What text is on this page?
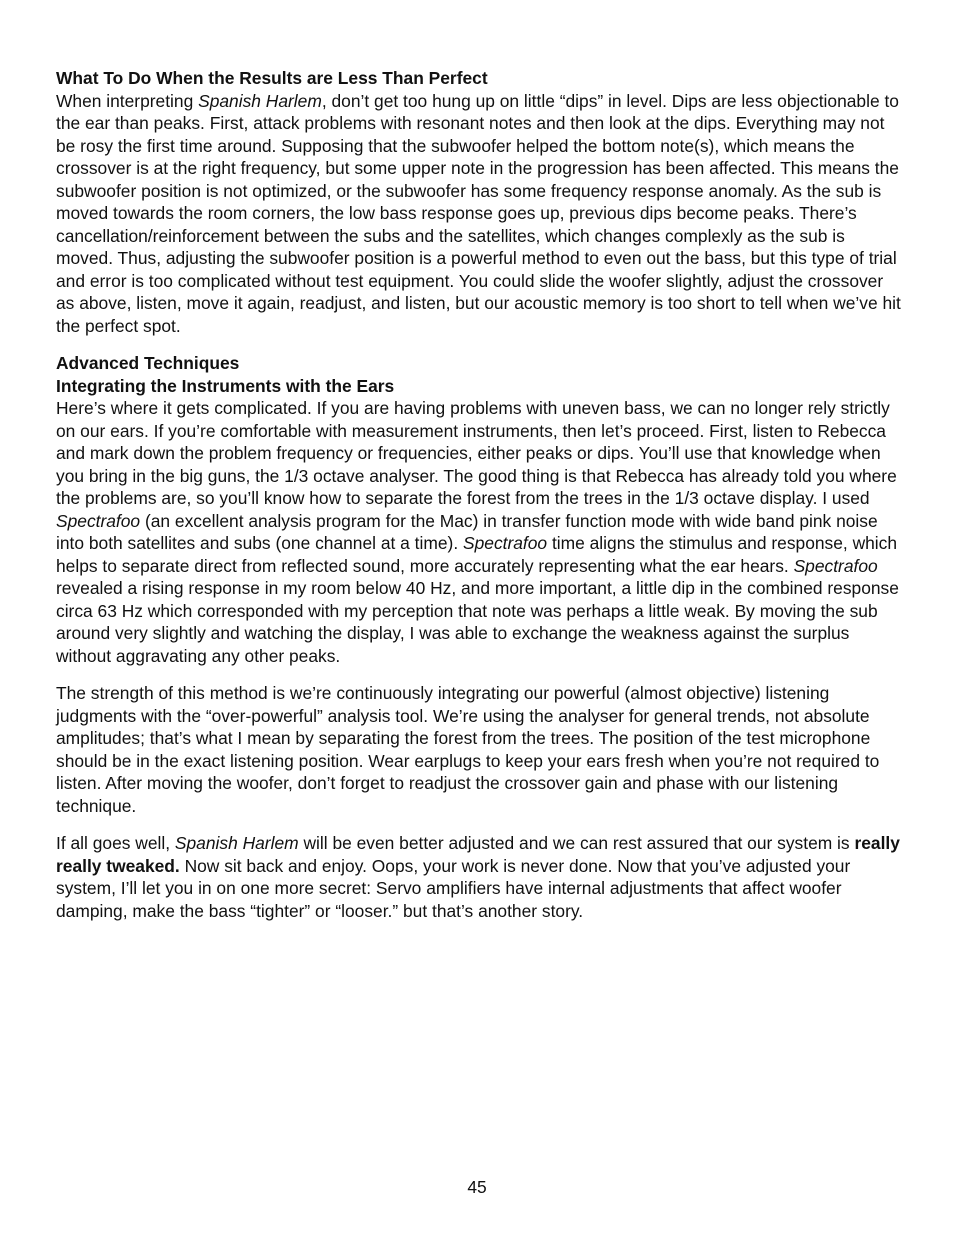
What To Do When the Results are Less Than Perfect

When interpreting Spanish Harlem, don’t get too hung up on little “dips” in level. Dips are less objectionable to the ear than peaks. First, attack problems with resonant notes and then look at the dips. Everything may not be rosy the first time around. Supposing that the subwoofer helped the bottom note(s), which means the crossover is at the right frequency, but some upper note in the progression has been affected. This means the subwoofer position is not optimized, or the subwoofer has some frequency response anomaly. As the sub is moved towards the room corners, the low bass response goes up, previous dips become peaks. There’s cancellation/reinforcement between the subs and the satellites, which changes complexly as the sub is moved. Thus, adjusting the subwoofer position is a powerful method to even out the bass, but this type of trial and error is too complicated without test equipment. You could slide the woofer slightly, adjust the crossover as above, listen, move it again, readjust, and listen, but our acoustic memory is too short to tell when we’ve hit the perfect spot.

Advanced Techniques

Integrating the Instruments with the Ears

Here’s where it gets complicated. If you are having problems with uneven bass, we can no longer rely strictly on our ears. If you’re comfortable with measurement instruments, then let’s proceed. First, listen to Rebecca and mark down the problem frequency or frequencies, either peaks or dips. You’ll use that knowledge when you bring in the big guns, the 1/3 octave analyser. The good thing is that Rebecca has already told you where the problems are, so you’ll know how to separate the forest from the trees in the 1/3 octave display. I used Spectrafoo (an excellent analysis program for the Mac) in transfer function mode with wide band pink noise into both satellites and subs (one channel at a time). Spectrafoo time aligns the stimulus and response, which helps to separate direct from reflected sound, more accurately representing what the ear hears. Spectrafoo revealed a rising response in my room below 40 Hz, and more important, a little dip in the combined response circa 63 Hz which corresponded with my perception that note was perhaps a little weak. By moving the sub around very slightly and watching the display, I was able to exchange the weakness against the surplus without aggravating any other peaks.

The strength of this method is we’re continuously integrating our powerful (almost objective) listening judgments with the “over-powerful” analysis tool. We’re using the analyser for general trends, not absolute amplitudes; that’s what I mean by separating the forest from the trees. The position of the test microphone should be in the exact listening position. Wear earplugs to keep your ears fresh when you’re not required to listen. After moving the woofer, don’t forget to readjust the crossover gain and phase with our listening technique.

If all goes well, Spanish Harlem will be even better adjusted and we can rest assured that our system is really really tweaked. Now sit back and enjoy. Oops, your work is never done. Now that you’ve adjusted your system, I’ll let you in on one more secret: Servo amplifiers have internal adjustments that affect woofer damping, make the bass “tighter” or “looser.” but that’s another story.

45
